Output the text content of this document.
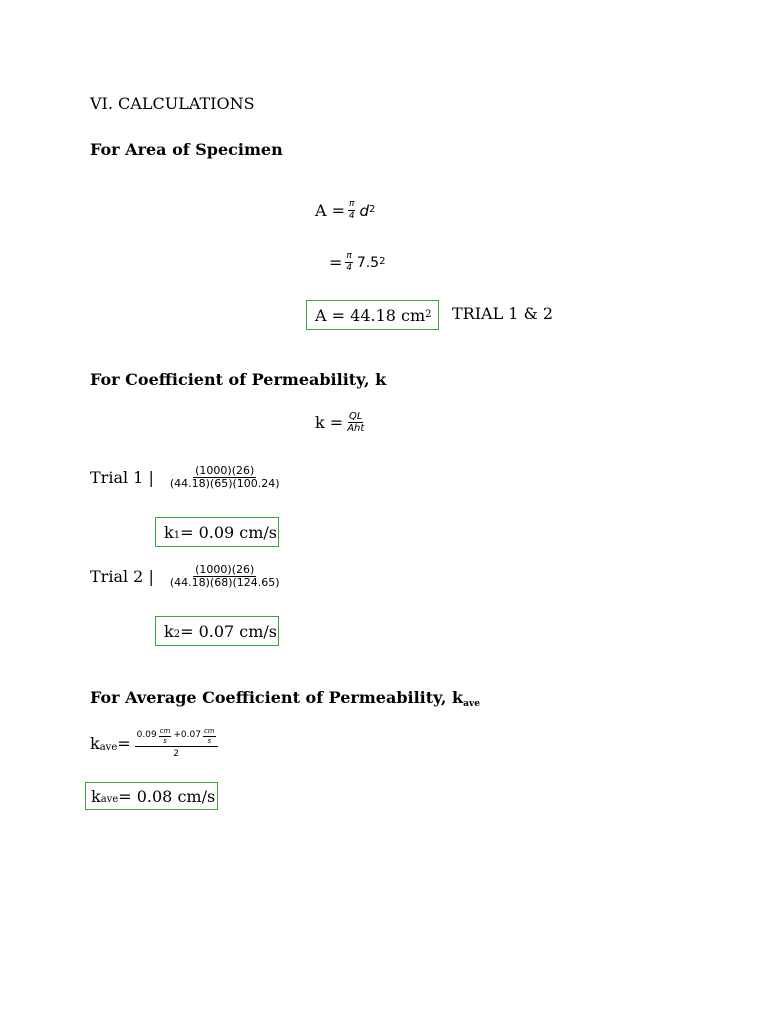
VI. CALCULATIONS
For Area of Specimen
$A = \frac{\pi}{4} d^2$
= $\frac{\pi}{4} 7.5^2$
A = 44.18 $cm^2$ TRIAL 1 & 2
For Coefficient of Permeability, k
$k = \frac{QL}{\text{Aht}}$
Trial 1 | $\frac{(1000)(26)}{(44.18)(65)(100.24)}$
$k_1 = 0.09$ cm/s
Trial 2 | $\frac{(1000)(26)}{(44.18)(68)(124.65)}$
$k_2 = 0.07$ cm/s
For Average Coefficient of Permeability, $k_{ave}$
$k_{ave} = 0.09 \frac{cm}{s} +0.07 \frac{cm}{s}$
2
$k_{ave} = 0.08$ cm/s
